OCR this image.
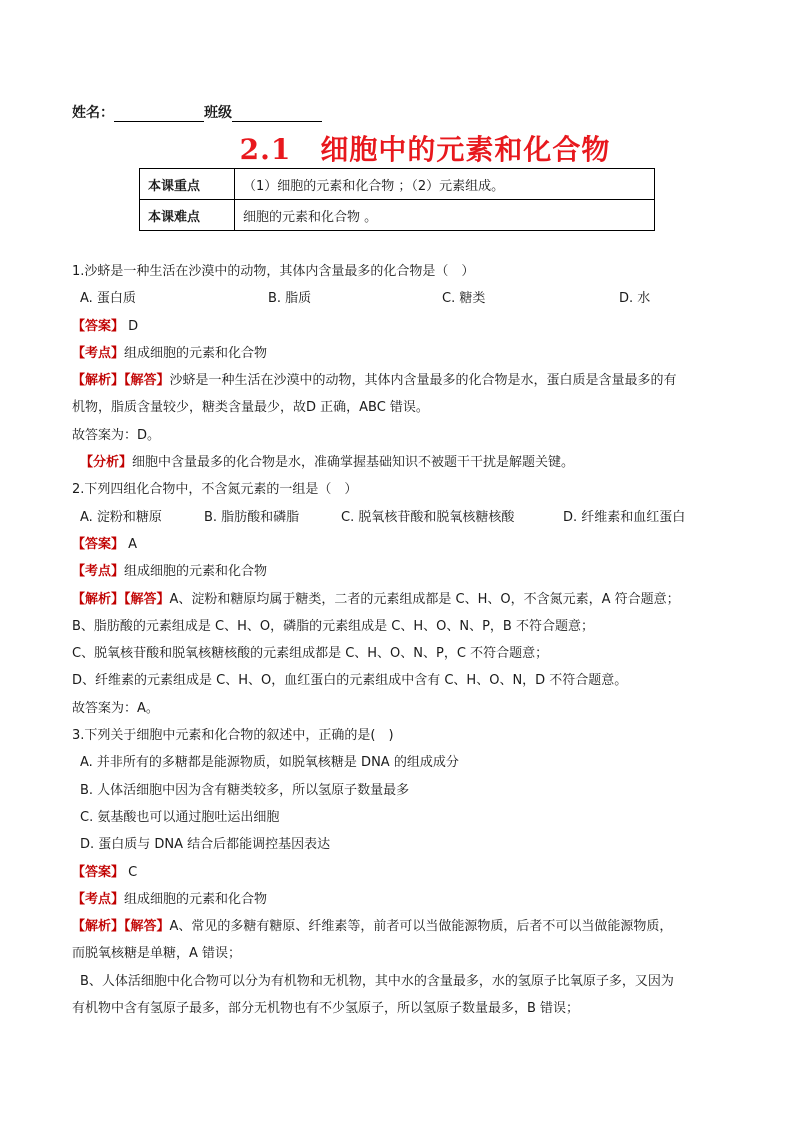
姓名：	班级
2.1　细胞中的元素和化合物
本课重点	（1）细胞的元素和化合物 ；（2）元素组成。
本课难点	细胞的元素和化合物 。

1.沙蛴是一种生活在沙漠中的动物，其体内含量最多的化合物是（　）

A. 蛋白质	B. 脂质	C. 糖类	D. 水

【答案】 D

【考点】组成细胞的元素和化合物

【解析】【解答】沙蛴是一种生活在沙漠中的动物，其体内含量最多的化合物是水，蛋白质是含量最多的有

机物，脂质含量较少，糖类含量最少，故D 正确，ABC 错误。

故答案为：D。

【分析】细胞中含量最多的化合物是水，准确掌握基础知识不被题干干扰是解题关键。

2.下列四组化合物中，不含氮元素的一组是（　）

A. 淀粉和糖原	B. 脂肪酸和磷脂	C. 脱氧核苷酸和脱氧核糖核酸	D. 纤维素和血红蛋白

【答案】 A

【考点】组成细胞的元素和化合物

【解析】【解答】A、淀粉和糖原均属于糖类，二者的元素组成都是 C、H、O，不含氮元素，A 符合题意；

B、脂肪酸的元素组成是 C、H、O，磷脂的元素组成是 C、H、O、N、P，B 不符合题意；

C、脱氧核苷酸和脱氧核糖核酸的元素组成都是 C、H、O、N、P，C 不符合题意；

D、纤维素的元素组成是 C、H、O，血红蛋白的元素组成中含有 C、H、O、N，D 不符合题意。

故答案为：A。

3.下列关于细胞中元素和化合物的叙述中，正确的是(　)

A. 并非所有的多糖都是能源物质，如脱氧核糖是 DNA 的组成成分

B. 人体活细胞中因为含有糖类较多，所以氢原子数量最多

C. 氨基酸也可以通过胞吐运出细胞

D. 蛋白质与 DNA 结合后都能调控基因表达

【答案】 C

【考点】组成细胞的元素和化合物

【解析】【解答】A、常见的多糖有糖原、纤维素等，前者可以当做能源物质，后者不可以当做能源物质，

而脱氧核糖是单糖，A 错误；

B、人体活细胞中化合物可以分为有机物和无机物，其中水的含量最多，水的氢原子比氧原子多，又因为

有机物中含有氢原子最多，部分无机物也有不少氢原子，所以氢原子数量最多，B 错误；
